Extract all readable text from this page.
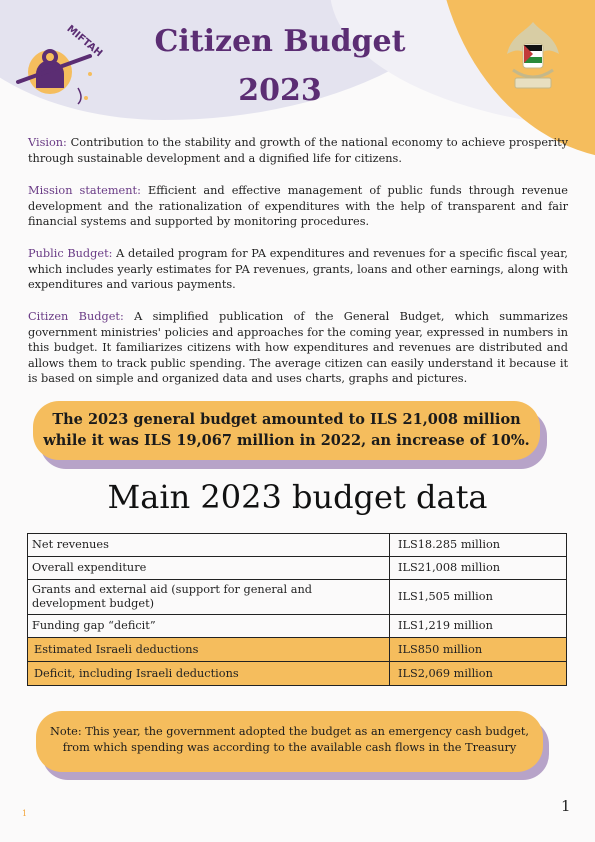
MIFTAH	Citizen Budget
2023

Vision: Contribution to the stability and growth of the national economy to achieve prosperity through sustainable development and a dignified life for citizens.

Mission statement: Efficient and effective management of public funds through revenue development and the rationalization of expenditures with the help of transparent and fair financial systems and supported by monitoring procedures.

Public Budget: A detailed program for PA expenditures and revenues for a specific fiscal year, which includes yearly estimates for PA revenues, grants, loans and other earnings, along with expenditures and various payments.

Citizen Budget: A simplified publication of the General Budget, which summarizes government ministries' policies and approaches for the coming year, expressed in numbers in this budget. It familiarizes citizens with how expenditures and revenues are distributed and allows them to track public spending. The average citizen can easily understand it because it is based on simple and organized data and uses charts, graphs and pictures.

The 2023 general budget amounted to ILS 21,008 million
while it was ILS 19,067 million in 2022, an increase of 10%.
Main 2023 budget data
Net revenues	ILS18.285 million
Overall expenditure	ILS21,008 million
Grants and external aid (support for general and development budget)	ILS1,505 million
Funding gap “deficit”	ILS1,219 million
Estimated Israeli deductions	ILS850 million
Deficit, including Israeli deductions	ILS2,069 million
Note: This year, the government adopted the budget as an emergency cash budget,
from which spending was according to the available cash flows in the Treasury
1
1
